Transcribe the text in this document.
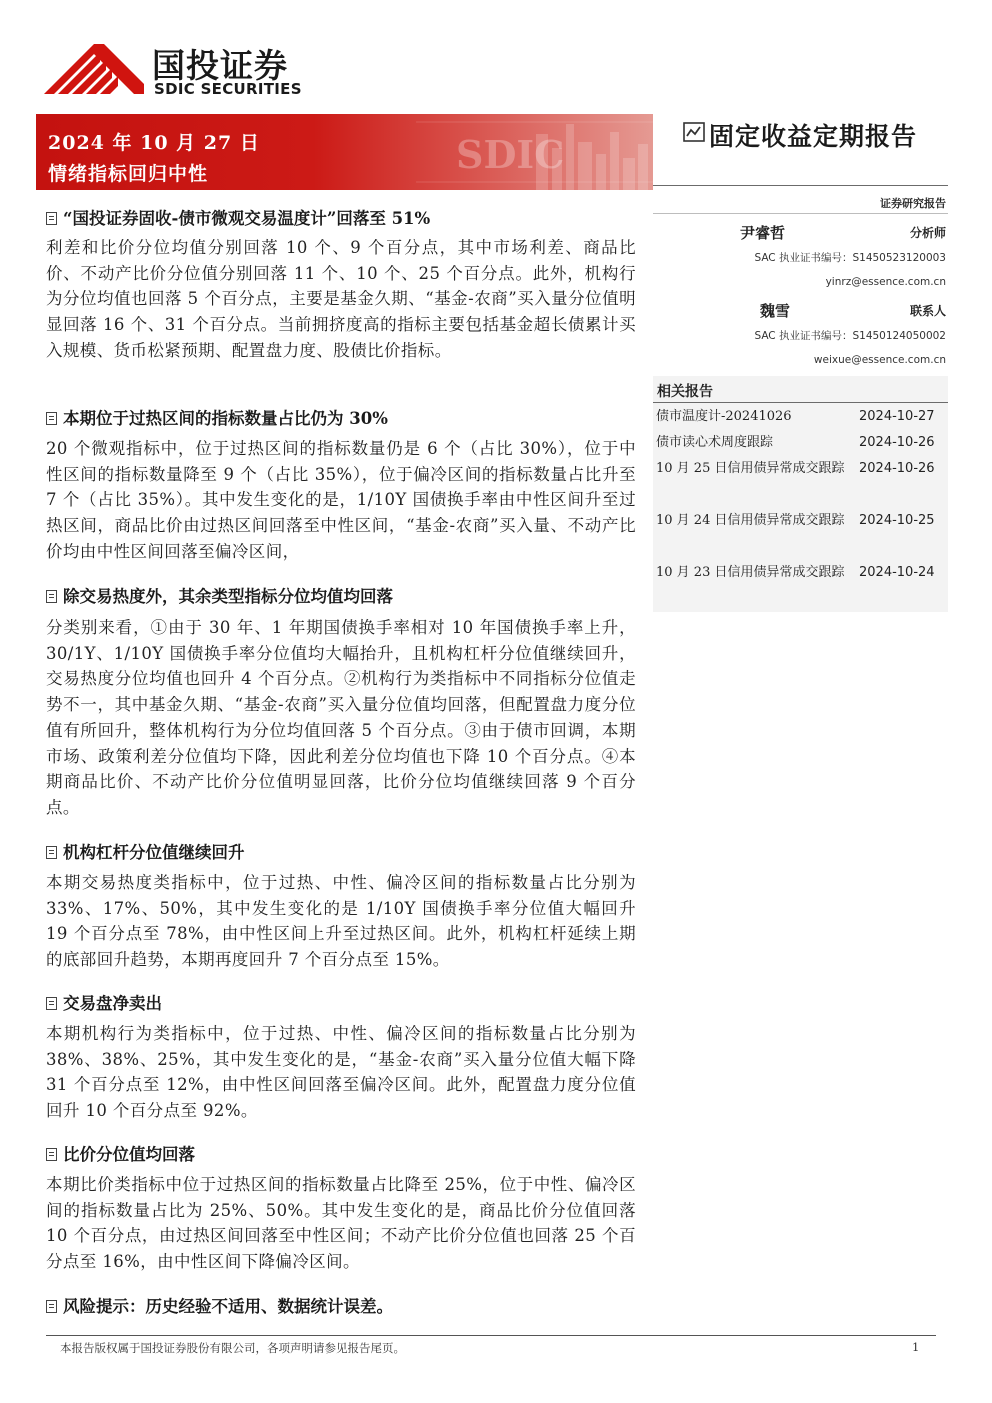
国投证券
SDIC SECURITIES
2024 年 10 月 27 日
情绪指标回归中性	SDIC	固定收益定期报告
证券研究报告
尹睿哲	分析师
SAC 执业证书编号：S1450523120003
yinrz@essence.com.cn
魏雪	联系人
SAC 执业证书编号：S1450124050002
weixue@essence.com.cn
相关报告
债市温度计-20241026	2024-10-27
债市读心术周度跟踪	2024-10-26
10 月 25 日信用债异常成交跟踪 2024-10-26
10 月 24 日信用债异常成交跟踪 2024-10-25
10 月 23 日信用债异常成交跟踪 2024-10-24
“国投证券固收-债市微观交易温度计”回落至 51%
利差和比价分位均值分别回落 10 个、9 个百分点，其中市场利差、商品比价、不动产比价分位值分别回落 11 个、10 个、25 个百分点。此外，机构行为分位均值也回落 5 个百分点，主要是基金久期、“基金-农商”买入量分位值明显回落 16 个、31 个百分点。当前拥挤度高的指标主要包括基金超长债累计买入规模、货币松紧预期、配置盘力度、股债比价指标。
本期位于过热区间的指标数量占比仍为 30%
20 个微观指标中，位于过热区间的指标数量仍是 6 个（占比 30%），位于中性区间的指标数量降至 9 个（占比 35%），位于偏冷区间的指标数量占比升至 7 个（占比 35%）。其中发生变化的是，1/10Y 国债换手率由中性区间升至过热区间，商品比价由过热区间回落至中性区间，“基金-农商”买入量、不动产比价均由中性区间回落至偏冷区间，
除交易热度外，其余类型指标分位均值均回落
分类别来看，①由于 30 年、1 年期国债换手率相对 10 年国债换手率上升，30/1Y、1/10Y 国债换手率分位值均大幅抬升，且机构杠杆分位值继续回升，交易热度分位均值也回升 4 个百分点。②机构行为类指标中不同指标分位值走势不一，其中基金久期、“基金-农商”买入量分位值均回落，但配置盘力度分位值有所回升，整体机构行为分位均值回落 5 个百分点。③由于债市回调，本期市场、政策利差分位值均下降，因此利差分位均值也下降 10 个百分点。④本期商品比价、不动产比价分位值明显回落，比价分位均值继续回落 9 个百分点。
机构杠杆分位值继续回升
本期交易热度类指标中，位于过热、中性、偏冷区间的指标数量占比分别为 33%、17%、50%，其中发生变化的是 1/10Y 国债换手率分位值大幅回升 19 个百分点至 78%，由中性区间上升至过热区间。此外，机构杠杆延续上期的底部回升趋势，本期再度回升 7 个百分点至 15%。
交易盘净卖出
本期机构行为类指标中，位于过热、中性、偏冷区间的指标数量占比分别为 38%、38%、25%，其中发生变化的是，“基金-农商”买入量分位值大幅下降 31 个百分点至 12%，由中性区间回落至偏冷区间。此外，配置盘力度分位值回升 10 个百分点至 92%。
比价分位值均回落
本期比价类指标中位于过热区间的指标数量占比降至 25%，位于中性、偏冷区间的指标数量占比为 25%、50%。其中发生变化的是，商品比价分位值回落 10 个百分点，由过热区间回落至中性区间；不动产比价分位值也回落 25 个百分点至 16%，由中性区间下降偏冷区间。
风险提示：历史经验不适用、数据统计误差。
本报告版权属于国投证券股份有限公司，各项声明请参见报告尾页。	1
